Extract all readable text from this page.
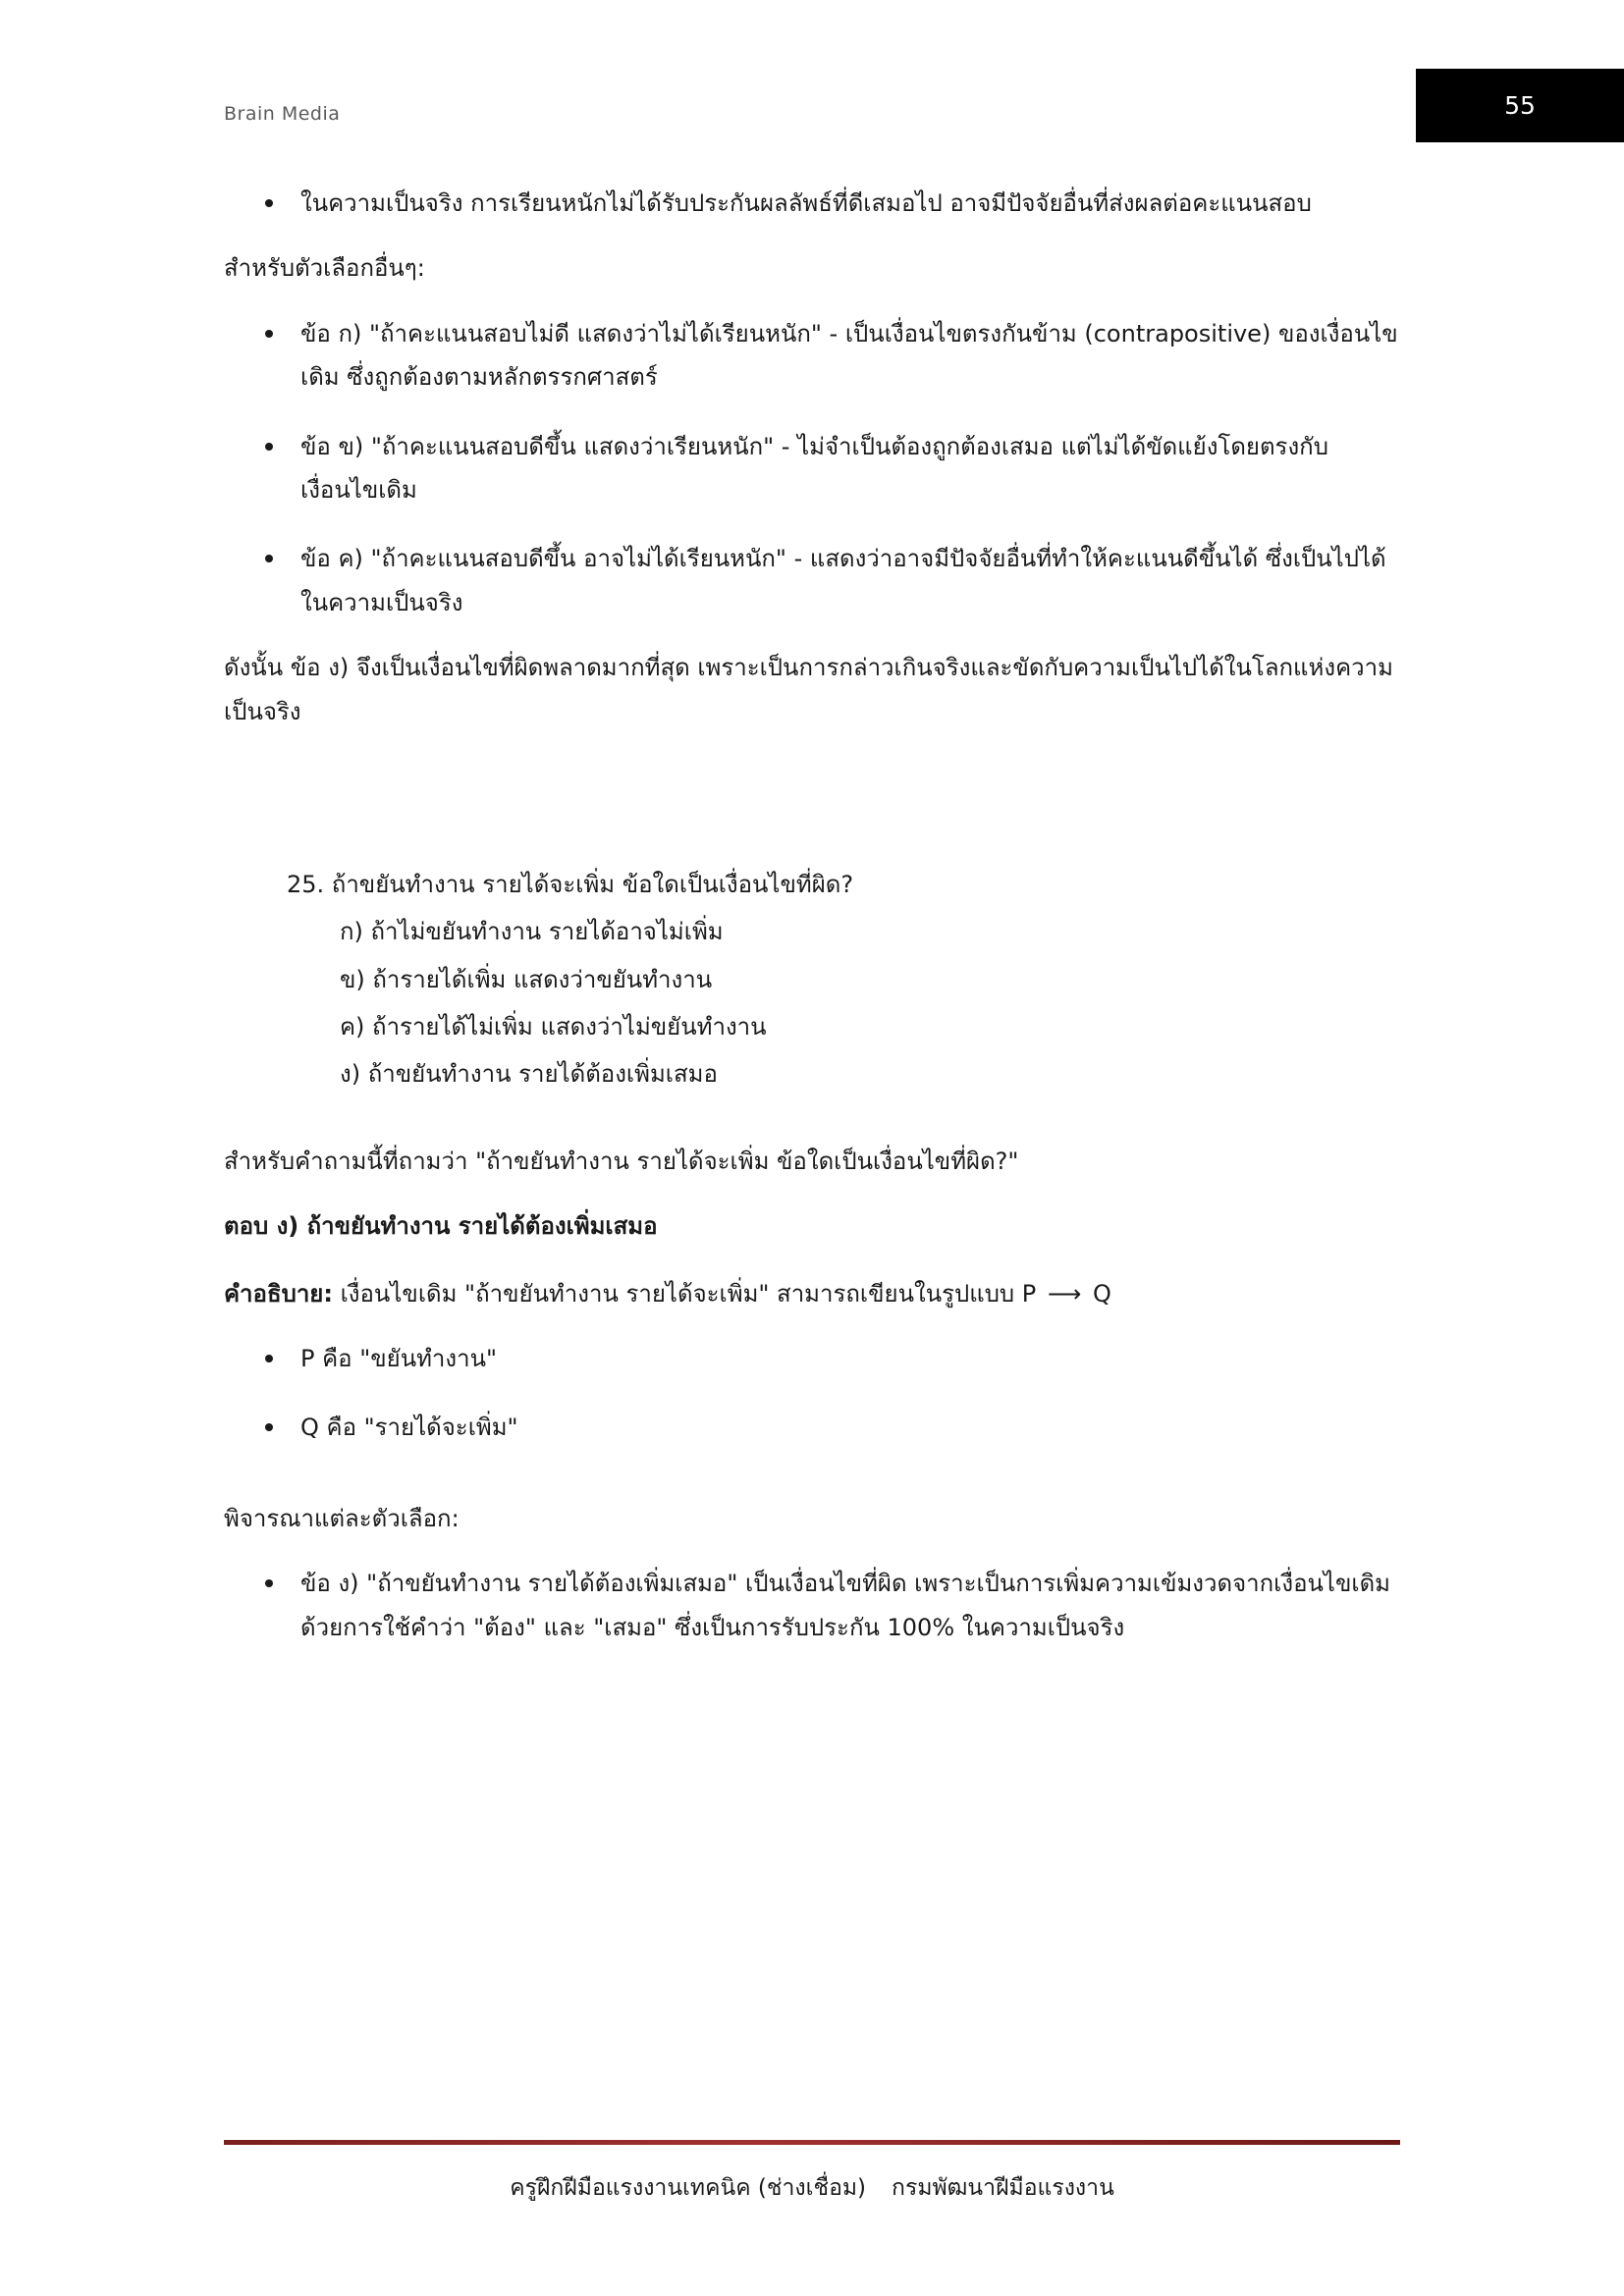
Brain Media	55
ในความเป็นจริง การเรียนหนักไม่ได้รับประกันผลลัพธ์ที่ดีเสมอไป อาจมีปัจจัยอื่นที่ส่งผลต่อคะแนนสอบ

สำหรับตัวเลือกอื่นๆ:

ข้อ ก) "ถ้าคะแนนสอบไม่ดี แสดงว่าไม่ได้เรียนหนัก" - เป็นเงื่อนไขตรงกันข้าม (contrapositive) ของเงื่อนไขเดิม ซึ่งถูกต้องตามหลักตรรกศาสตร์
ข้อ ข) "ถ้าคะแนนสอบดีขึ้น แสดงว่าเรียนหนัก" - ไม่จำเป็นต้องถูกต้องเสมอ แต่ไม่ได้ขัดแย้งโดยตรงกับเงื่อนไขเดิม
ข้อ ค) "ถ้าคะแนนสอบดีขึ้น อาจไม่ได้เรียนหนัก" - แสดงว่าอาจมีปัจจัยอื่นที่ทำให้คะแนนดีขึ้นได้ ซึ่งเป็นไปได้ในความเป็นจริง

ดังนั้น ข้อ ง) จึงเป็นเงื่อนไขที่ผิดพลาดมากที่สุด เพราะเป็นการกล่าวเกินจริงและขัดกับความเป็นไปได้ในโลกแห่งความเป็นจริง

25. ถ้าขยันทำงาน รายได้จะเพิ่ม ข้อใดเป็นเงื่อนไขที่ผิด?

ก) ถ้าไม่ขยันทำงาน รายได้อาจไม่เพิ่ม

ข) ถ้ารายได้เพิ่ม แสดงว่าขยันทำงาน

ค) ถ้ารายได้ไม่เพิ่ม แสดงว่าไม่ขยันทำงาน

ง) ถ้าขยันทำงาน รายได้ต้องเพิ่มเสมอ

สำหรับคำถามนี้ที่ถามว่า "ถ้าขยันทำงาน รายได้จะเพิ่ม ข้อใดเป็นเงื่อนไขที่ผิด?"

ตอบ ง) ถ้าขยันทำงาน รายได้ต้องเพิ่มเสมอ

คำอธิบาย: เงื่อนไขเดิม "ถ้าขยันทำงาน รายได้จะเพิ่ม" สามารถเขียนในรูปแบบ P ⟶ Q

P คือ "ขยันทำงาน"
Q คือ "รายได้จะเพิ่ม"

พิจารณาแต่ละตัวเลือก:

ข้อ ง) "ถ้าขยันทำงาน รายได้ต้องเพิ่มเสมอ" เป็นเงื่อนไขที่ผิด เพราะเป็นการเพิ่มความเข้มงวดจากเงื่อนไขเดิมด้วยการใช้คำว่า "ต้อง" และ "เสมอ" ซึ่งเป็นการรับประกัน 100% ในความเป็นจริง
ครูฝึกฝีมือแรงงานเทคนิค (ช่างเชื่อม) กรมพัฒนาฝีมือแรงงาน
